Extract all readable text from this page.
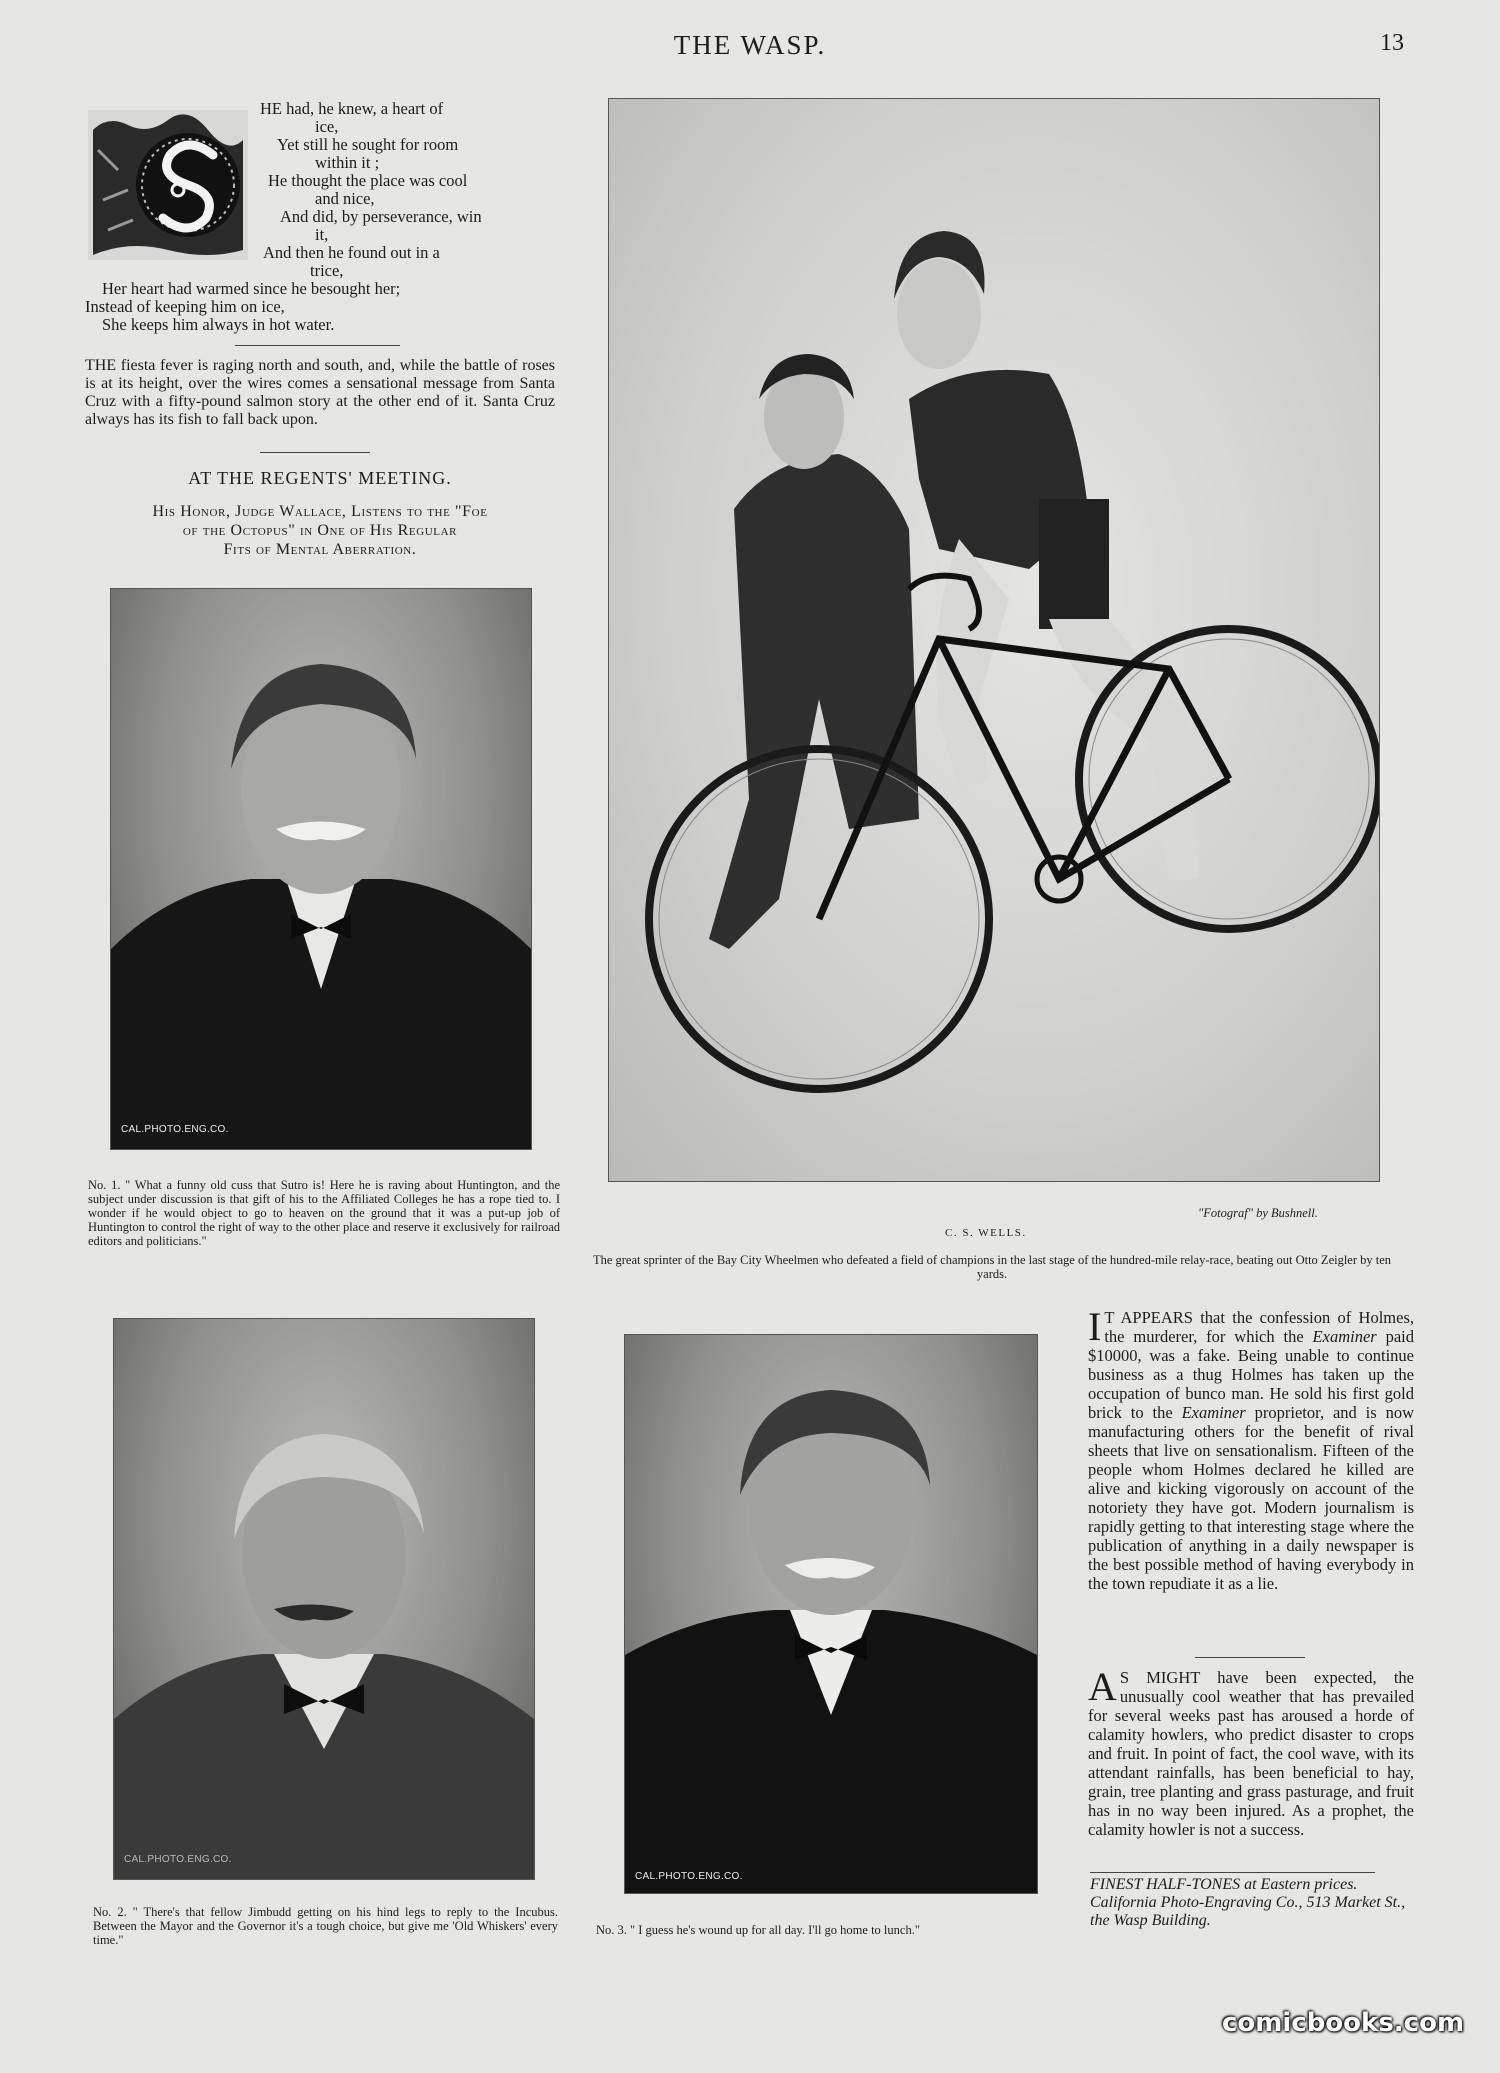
THE WASP.	13
HE had, he knew, a heart of
ice,
Yet still he sought for room
within it ;
He thought the place was cool
and nice,
And did, by perseverance, win
it,
And then he found out in a
trice,
Her heart had warmed since he besought her;
Instead of keeping him on ice,
She keeps him always in hot water.
THE fiesta fever is raging north and south, and, while the battle of roses is at its height, over the wires comes a sensational message from Santa Cruz with a fifty-pound salmon story at the other end of it. Santa Cruz always has its fish to fall back upon.
AT THE REGENTS' MEETING.
His Honor, Judge Wallace, Listens to the "Foe
of the Octopus" in One of His Regular
Fits of Mental Aberration.
CAL.PHOTO.ENG.CO.
No. 1. " What a funny old cuss that Sutro is! Here he is raving about Huntington, and the subject under discussion is that gift of his to the Affiliated Colleges he has a rope tied to. I wonder if he would object to go to heaven on the ground that it was a put-up job of Huntington to control the right of way to the other place and reserve it exclusively for railroad editors and politicians."
"Fotograf" by Bushnell.
C. S. WELLS.
The great sprinter of the Bay City Wheelmen who defeated a field of champions in the last stage of the hundred-mile relay-race, beating out Otto Zeigler by ten yards.
CAL.PHOTO.ENG.CO.
No. 2. " There's that fellow Jimbudd getting on his hind legs to reply to the Incubus. Between the Mayor and the Governor it's a tough choice, but give me 'Old Whiskers' every time."
CAL.PHOTO.ENG.CO.
No. 3. " I guess he's wound up for all day. I'll go home to lunch."
I T APPEARS that the confession of Holmes, the murderer, for which the Examiner paid $10000, was a fake. Being unable to continue business as a thug Holmes has taken up the occupation of bunco man. He sold his first gold brick to the Examiner proprietor, and is now manufacturing others for the benefit of rival sheets that live on sensationalism. Fifteen of the people whom Holmes declared he killed are alive and kicking vigorously on account of the notoriety they have got. Modern journalism is rapidly getting to that interesting stage where the publication of anything in a daily newspaper is the best possible method of having everybody in the town repudiate it as a lie.
A S MIGHT have been expected, the unusually cool weather that has prevailed for several weeks past has aroused a horde of calamity howlers, who predict disaster to crops and fruit. In point of fact, the cool wave, with its attendant rainfalls, has been beneficial to hay, grain, tree planting and grass pasturage, and fruit has in no way been injured. As a prophet, the calamity howler is not a success.
FINEST HALF-TONES at Eastern prices. California Photo-Engraving Co., 513 Market St., the Wasp Building.
comicbooks.com
